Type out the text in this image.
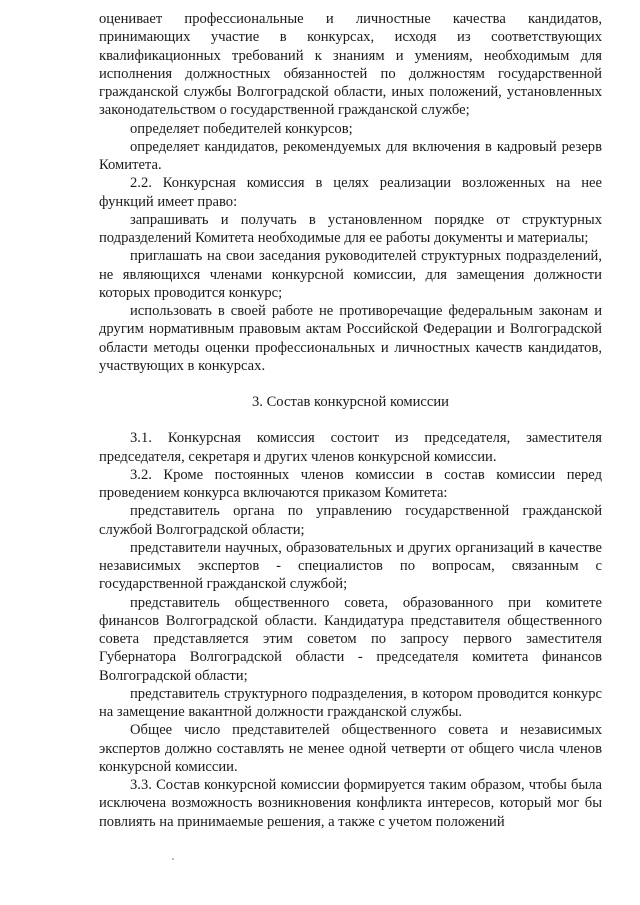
оценивает профессиональные и личностные качества кандидатов, принимающих участие в конкурсах, исходя из соответствующих квалификационных требований к знаниям и умениям, необходимым для исполнения должностных обязанностей по должностям государственной гражданской службы Волгоградской области, иных положений, установленных законодательством о государственной гражданской службе;

определяет победителей конкурсов;

определяет кандидатов, рекомендуемых для включения в кадровый резерв Комитета.

2.2. Конкурсная комиссия в целях реализации возложенных на нее функций имеет право:

запрашивать и получать в установленном порядке от структурных подразделений Комитета необходимые для ее работы документы и материалы;

приглашать на свои заседания руководителей структурных подразделений, не являющихся членами конкурсной комиссии, для замещения должности которых проводится конкурс;

использовать в своей работе не противоречащие федеральным законам и другим нормативным правовым актам Российской Федерации и Волгоградской области методы оценки профессиональных и личностных качеств кандидатов, участвующих в конкурсах.

3. Состав конкурсной комиссии

3.1. Конкурсная комиссия состоит из председателя, заместителя председателя, секретаря и других членов конкурсной комиссии.

3.2. Кроме постоянных членов комиссии в состав комиссии перед проведением конкурса включаются приказом Комитета:

представитель органа по управлению государственной гражданской службой Волгоградской области;

представители научных, образовательных и других организаций в качестве независимых экспертов - специалистов по вопросам, связанным с государственной гражданской службой;

представитель общественного совета, образованного при комитете финансов Волгоградской области. Кандидатура представителя общественного совета представляется этим советом по запросу первого заместителя Губернатора Волгоградской области - председателя комитета финансов Волгоградской области;

представитель структурного подразделения, в котором проводится конкурс на замещение вакантной должности гражданской службы.

Общее число представителей общественного совета и независимых экспертов должно составлять не менее одной четверти от общего числа членов конкурсной комиссии.

3.3. Состав конкурсной комиссии формируется таким образом, чтобы была исключена возможность возникновения конфликта интересов, который мог бы повлиять на принимаемые решения, а также с учетом положений
